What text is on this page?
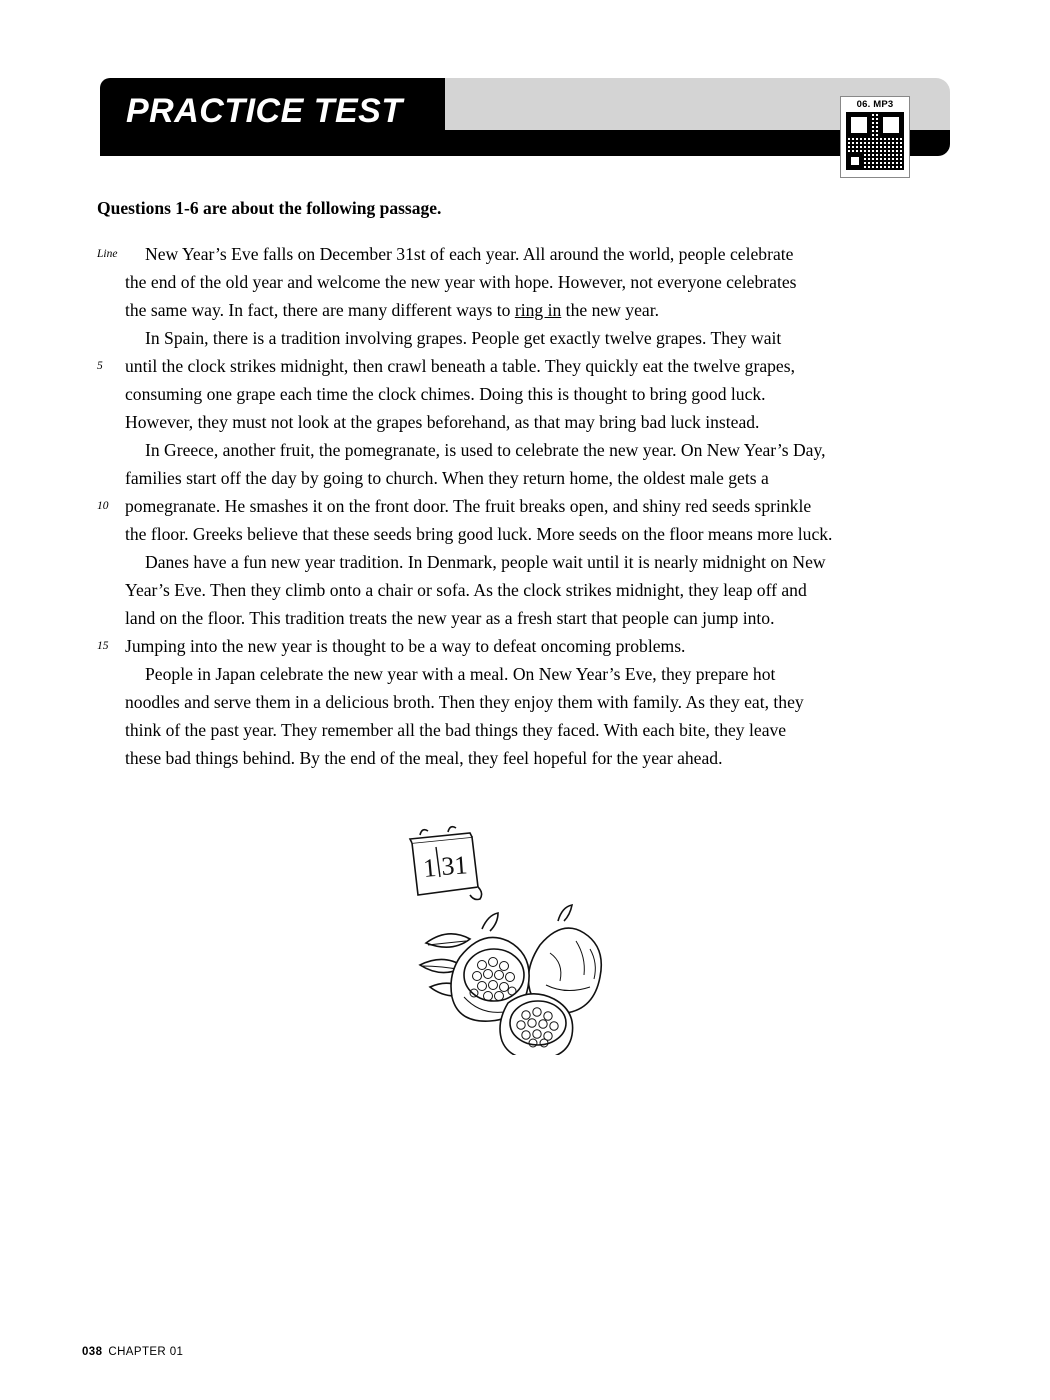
PRACTICE TEST	06. MP3
Questions 1-6 are about the following passage.
Line	New Year’s Eve falls on December 31st of each year. All around the world, people celebrate
the end of the old year and welcome the new year with hope. However, not everyone celebrates
the same way. In fact, there are many different ways to ring in the new year.
In Spain, there is a tradition involving grapes. People get exactly twelve grapes. They wait
5	until the clock strikes midnight, then crawl beneath a table. They quickly eat the twelve grapes,
consuming one grape each time the clock chimes. Doing this is thought to bring good luck.
However, they must not look at the grapes beforehand, as that may bring bad luck instead.
In Greece, another fruit, the pomegranate, is used to celebrate the new year. On New Year’s Day,
families start off the day by going to church. When they return home, the oldest male gets a
10 pomegranate. He smashes it on the front door. The fruit breaks open, and shiny red seeds sprinkle
the floor. Greeks believe that these seeds bring good luck. More seeds on the floor means more luck.
Danes have a fun new year tradition. In Denmark, people wait until it is nearly midnight on New
Year’s Eve. Then they climb onto a chair or sofa. As the clock strikes midnight, they leap off and
land on the floor. This tradition treats the new year as a fresh start that people can jump into.
15 Jumping into the new year is thought to be a way to defeat oncoming problems.
People in Japan celebrate the new year with a meal. On New Year’s Eve, they prepare hot
noodles and serve them in a delicious broth. Then they enjoy them with family. As they eat, they
think of the past year. They remember all the bad things they faced. With each bite, they leave
these bad things behind. By the end of the meal, they feel hopeful for the year ahead.
1 31
038 CHAPTER 01
